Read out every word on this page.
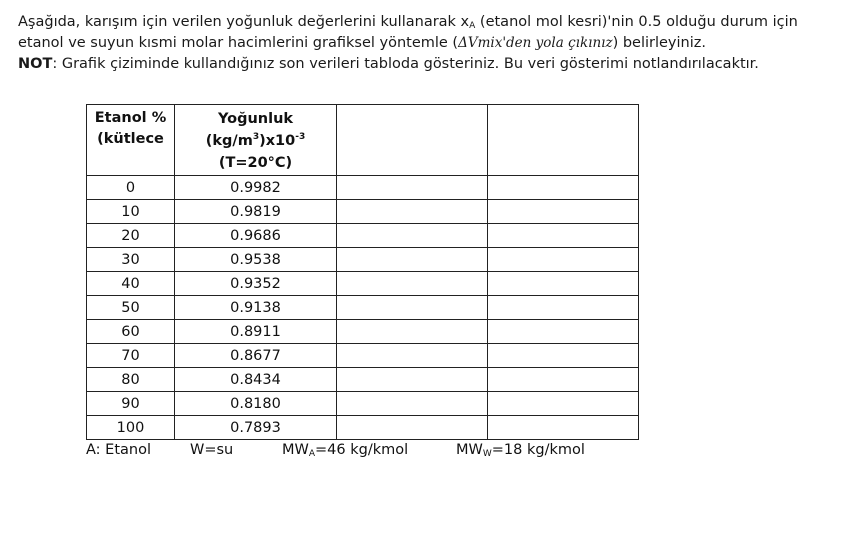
Aşağıda, karışım için verilen yoğunluk değerlerini kullanarak $x_A$ (etanol mol kesri)'nin 0.5 olduğu durum için

etanol ve suyun kısmi molar hacimlerini grafiksel yöntemle (ΔVmix'den yola çıkınız) belirleyiniz.

NOT: Grafik çiziminde kullandığınız son verileri tabloda gösteriniz. Bu veri gösterimi notlandırılacaktır.

Etanol %
(kütlece	Yoğunluk
$(kg/m^3)x10^{-3}$
(T=20°C)		

0	0.9982		
10	0.9819		
20	0.9686		
30	0.9538		
40	0.9352		
50	0.9138		
60	0.8911		
70	0.8677		
80	0.8434		
90	0.8180		
100	0.7893		
A: Etanol	W=su	$MW_A=46$ kg/kmol	$MW_W=18$ kg/kmol
